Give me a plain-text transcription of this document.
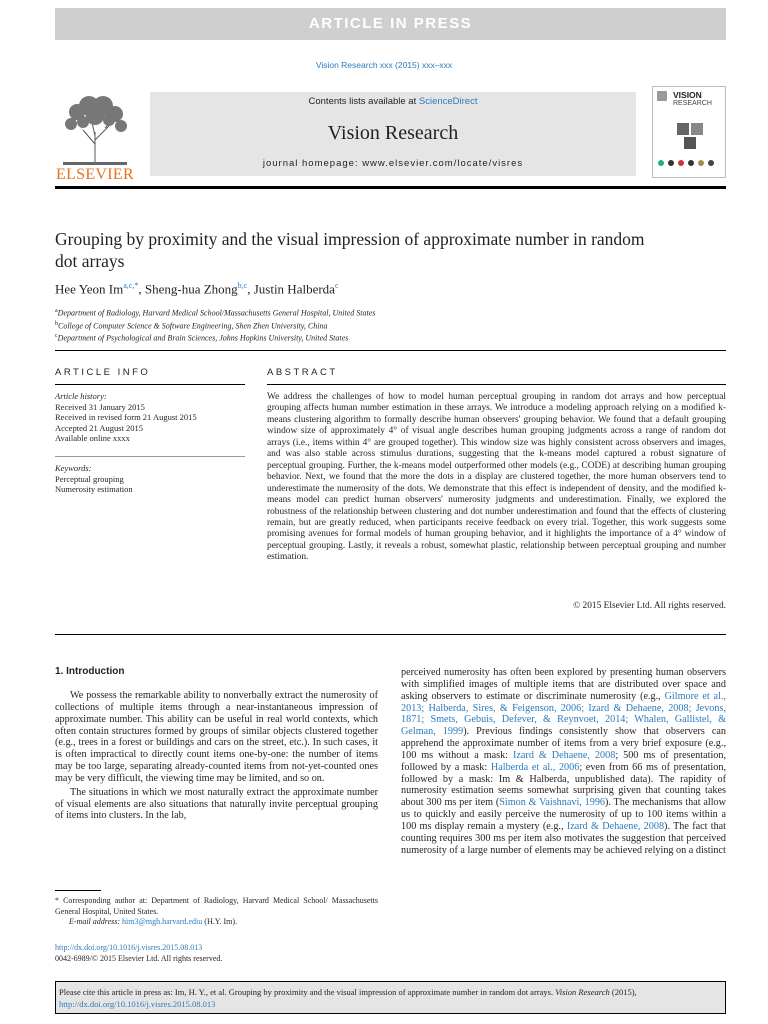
ARTICLE IN PRESS
Vision Research xxx (2015) xxx–xxx
ELSEVIER
Contents lists available at ScienceDirect
Vision Research
journal homepage: www.elsevier.com/locate/visres
VISION
RESEARCH
Grouping by proximity and the visual impression of approximate number in random dot arrays
Hee Yeon $Im^{a,c,*}$, Sheng-hua Zhong$^{b,c}$, Justin Halberda$^c$
$^a$Department of Radiology, Harvard Medical School/Massachusetts General Hospital, United States
$^b$College of Computer Science & Software Engineering, Shen Zhen University, China
$^c$Department of Psychological and Brain Sciences, Johns Hopkins University, United States
ARTICLE INFO	ABSTRACT
Article history:
Received 31 January 2015
Received in revised form 21 August 2015
Accepted 21 August 2015
Available online xxxx
Keywords:
Perceptual grouping
Numerosity estimation
We address the challenges of how to model human perceptual grouping in random dot arrays and how perceptual grouping affects human number estimation in these arrays. We introduce a modeling approach relying on a modified k-means clustering algorithm to formally describe human observers' grouping behavior. We found that a default grouping window size of approximately 4° of visual angle describes human grouping judgments across a range of random dot arrays (i.e., items within 4° are grouped together). This window size was highly consistent across observers and images, and was also stable across stimulus durations, suggesting that the k-means model captured a robust signature of perceptual grouping. Further, the k-means model outperformed other models (e.g., CODE) at describing human grouping behavior. Next, we found that the more the dots in a display are clustered together, the more human observers tend to underestimate the numerosity of the dots. We demonstrate that this effect is independent of density, and the modified k-means model can predict human observers' numerosity judgments and underestimation. Finally, we explored the robustness of the relationship between clustering and dot number underestimation and found that the effects of clustering remain, but are greatly reduced, when participants receive feedback on every trial. Together, this work suggests some promising avenues for formal models of human grouping behavior, and it highlights the importance of a 4° window of perceptual grouping. Lastly, it reveals a robust, somewhat plastic, relationship between perceptual grouping and number estimation.
© 2015 Elsevier Ltd. All rights reserved.
1. Introduction

We possess the remarkable ability to nonverbally extract the numerosity of collections of multiple items through a near-instantaneous impression of approximate number. This ability can be useful in real world contexts, which often contain structures formed by groups of similar objects clustered together (e.g., trees in a forest or buildings and cars on the street, etc.). In such cases, it is often impractical to directly count items one-by-one: the number of items may be too large, separating already-counted items from not-yet-counted ones may be very difficult, the viewing time may be limited, and so on.

The situations in which we most naturally extract the approximate number of visual elements are also situations that naturally invite perceptual grouping of items into clusters. In the lab,

perceived numerosity has often been explored by presenting human observers with simplified images of multiple items that are distributed over space and asking observers to estimate or discriminate numerosity (e.g., Gilmore et al., 2013; Halberda, Sires, & Feigenson, 2006; Izard & Dehaene, 2008; Jevons, 1871; Smets, Gebuis, Defever, & Reynvoet, 2014; Whalen, Gallistel, & Gelman, 1999). Previous findings consistently show that observers can apprehend the approximate number of items from a very brief exposure (e.g., 100 ms without a mask: Izard & Dehaene, 2008; 500 ms of presentation, followed by a mask: Halberda et al., 2006; even from 66 ms of presentation, followed by a mask: Im & Halberda, unpublished data). The rapidity of numerosity estimation seems somewhat surprising given that counting takes about 300 ms per item (Simon & Vaishnavi, 1996). The mechanisms that allow us to quickly and easily perceive the numerosity of up to 100 items within a 100 ms display remain a mystery (e.g., Izard & Dehaene, 2008). The fact that counting requires 300 ms per item also motivates the suggestion that perceived numerosity of a large number of elements may be achieved relying on a distinct

* Corresponding author at: Department of Radiology, Harvard Medical School/ Massachusetts General Hospital, United States.
E-mail address: him3@mgh.harvard.ediu (H.Y. Im).
http://dx.doi.org/10.1016/j.visres.2015.08.013
0042-6989/© 2015 Elsevier Ltd. All rights reserved.
Please cite this article in press as: Im, H. Y., et al. Grouping by proximity and the visual impression of approximate number in random dot arrays. Vision Research (2015), http://dx.doi.org/10.1016/j.visres.2015.08.013
